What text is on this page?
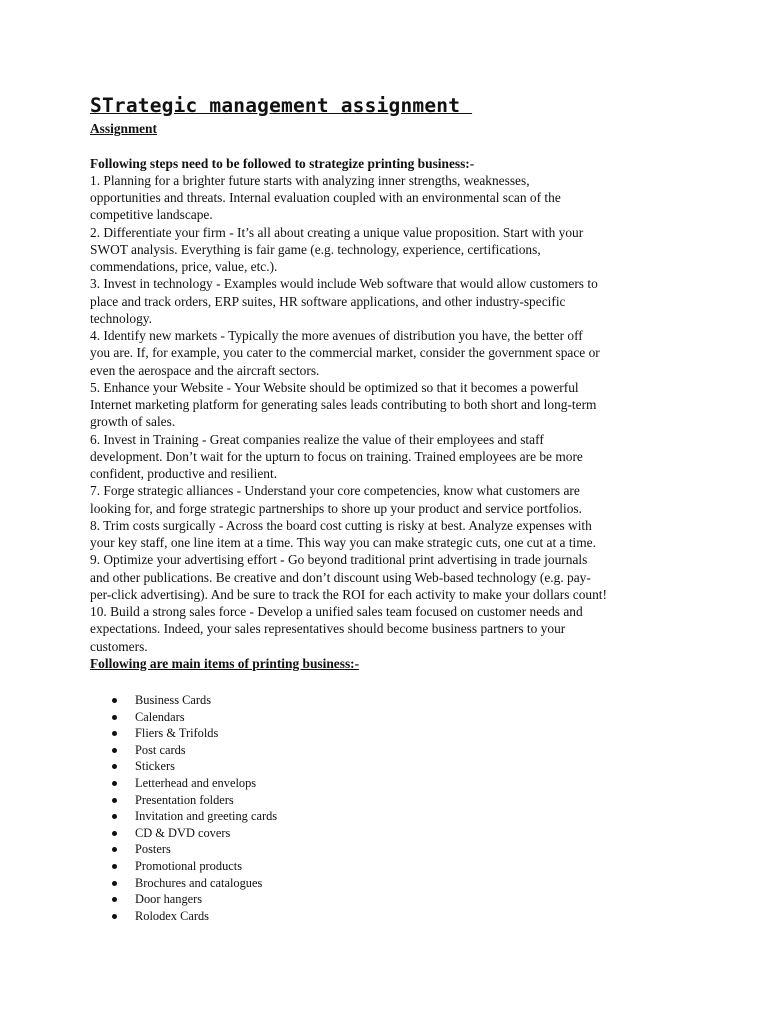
STrategic management assignment

Assignment

Following steps need to be followed to strategize printing business:-

1. Planning for a brighter future starts with analyzing inner strengths, weaknesses,

opportunities and threats. Internal evaluation coupled with an environmental scan of the

competitive landscape.

2. Differentiate your firm - It’s all about creating a unique value proposition. Start with your

SWOT analysis. Everything is fair game (e.g. technology, experience, certifications,

commendations, price, value, etc.).

3. Invest in technology - Examples would include Web software that would allow customers to

place and track orders, ERP suites, HR software applications, and other industry-specific

technology.

4. Identify new markets - Typically the more avenues of distribution you have, the better off

you are. If, for example, you cater to the commercial market, consider the government space or

even the aerospace and the aircraft sectors.

5. Enhance your Website - Your Website should be optimized so that it becomes a powerful

Internet marketing platform for generating sales leads contributing to both short and long-term

growth of sales.

6. Invest in Training - Great companies realize the value of their employees and staff

development. Don’t wait for the upturn to focus on training. Trained employees are be more

confident, productive and resilient.

7. Forge strategic alliances - Understand your core competencies, know what customers are

looking for, and forge strategic partnerships to shore up your product and service portfolios.

8. Trim costs surgically - Across the board cost cutting is risky at best. Analyze expenses with

your key staff, one line item at a time. This way you can make strategic cuts, one cut at a time.

9. Optimize your advertising effort - Go beyond traditional print advertising in trade journals

and other publications. Be creative and don’t discount using Web-based technology (e.g. pay-

per-click advertising). And be sure to track the ROI for each activity to make your dollars count!

10. Build a strong sales force - Develop a unified sales team focused on customer needs and

expectations. Indeed, your sales representatives should become business partners to your

customers.

Following are main items of printing business:-

Business Cards
Calendars
Fliers & Trifolds
Post cards
Stickers
Letterhead and envelops
Presentation folders
Invitation and greeting cards
CD & DVD covers
Posters
Promotional products
Brochures and catalogues
Door hangers
Rolodex Cards
